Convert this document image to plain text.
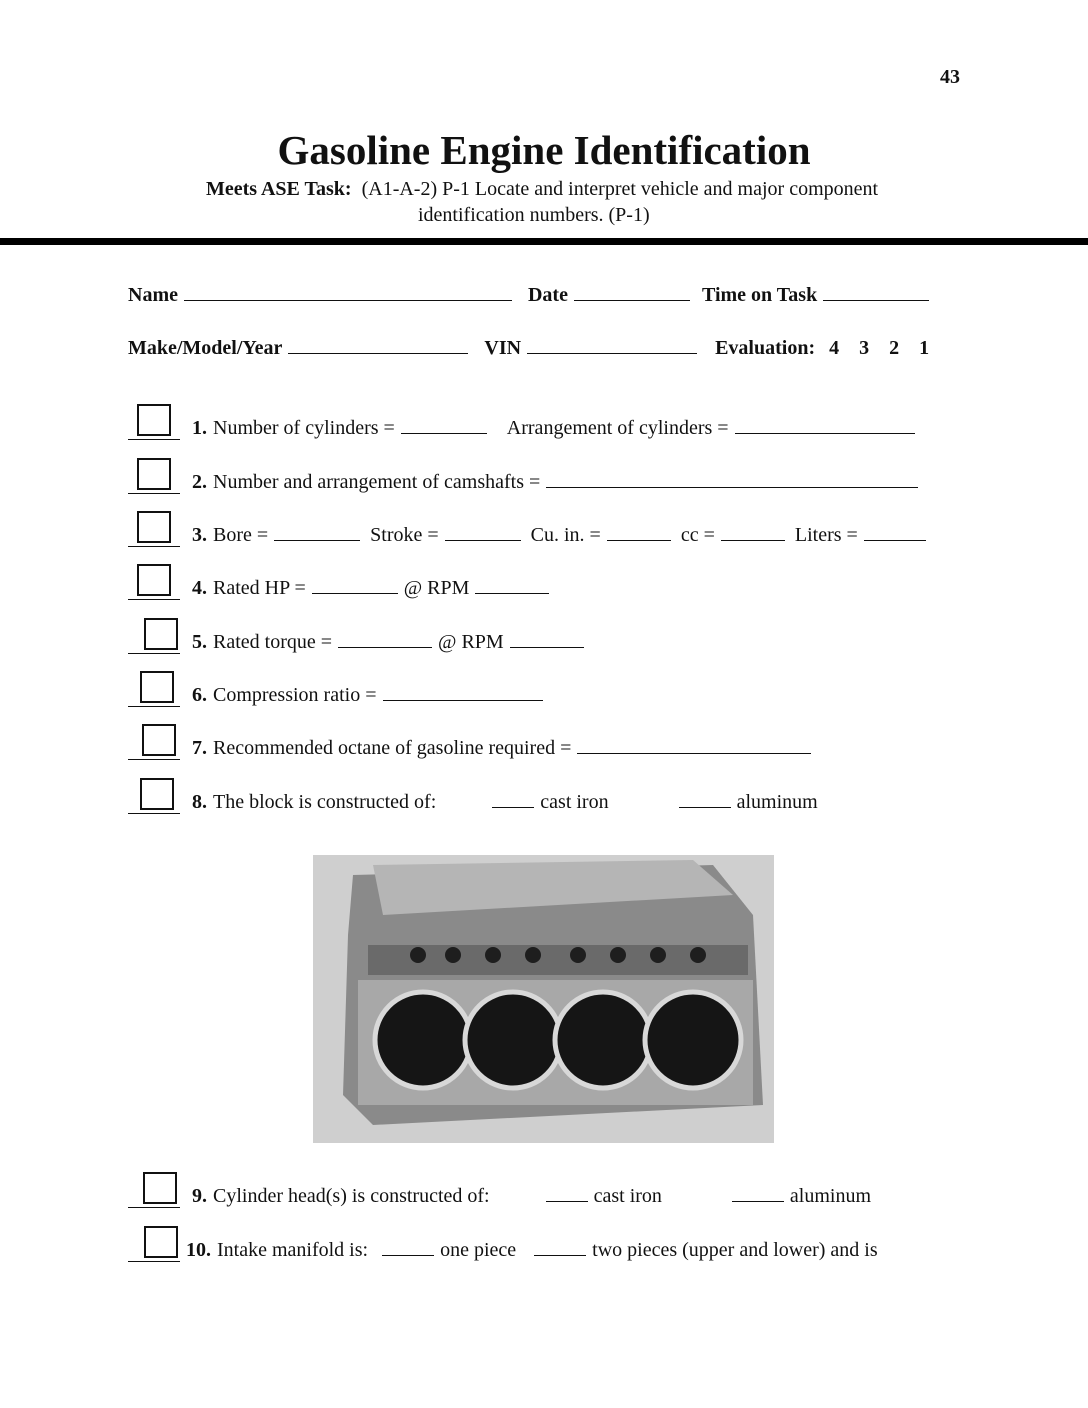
43
Gasoline Engine Identification
Meets ASE Task: (A1-A-2) P-1 Locate and interpret vehicle and major component
identification numbers. (P-1)
Name	Date	Time on Task
Make/Model/Year	VIN	Evaluation: 4 3 2 1
1. Number of cylinders =	Arrangement of cylinders =
2. Number and arrangement of camshafts =
3. Bore =	Stroke =	Cu. in. =	cc =	Liters =
4. Rated HP =	@ RPM
5. Rated torque =	@ RPM
6. Compression ratio =
7. Recommended octane of gasoline required =
8. The block is constructed of:	cast iron	aluminum
9. Cylinder head(s) is constructed of:	cast iron	aluminum
10. Intake manifold is:	one piece	two pieces (upper and lower) and is
